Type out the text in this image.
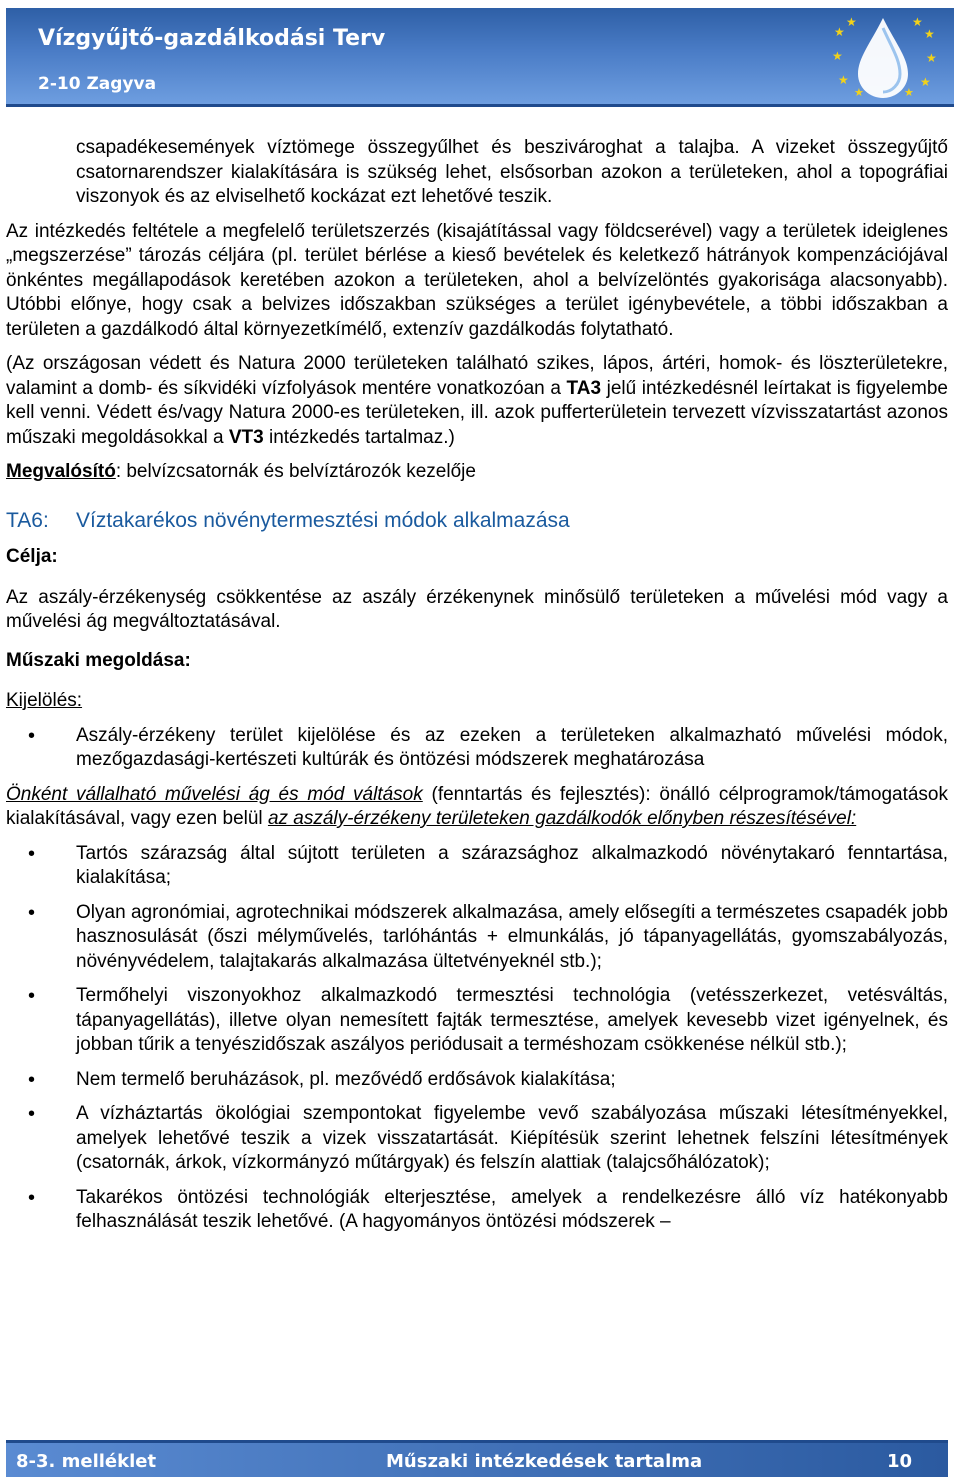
Vízgyűjtő-gazdálkodási Terv
2-10 Zagyva
★
★	★
★
★	★
★	★
★	★

csapadékesemények víztömege összegyűlhet és beszivároghat a talajba. A vizeket összegyűjtő csatornarendszer kialakítására is szükség lehet, elsősorban azokon a területeken, ahol a topográfiai viszonyok és az elviselhető kockázat ezt lehetővé teszik.

Az intézkedés feltétele a megfelelő területszerzés (kisajátítással vagy földcserével) vagy a területek ideiglenes „megszerzése” tározás céljára (pl. terület bérlése a kieső bevételek és keletkező hátrányok kompenzációjával önkéntes megállapodások keretében azokon a területeken, ahol a belvízelöntés gyakorisága alacsonyabb). Utóbbi előnye, hogy csak a belvizes időszakban szükséges a terület igénybevétele, a többi időszakban a területen a gazdálkodó által környezetkímélő, extenzív gazdálkodás folytatható.

(Az országosan védett és Natura 2000 területeken található szikes, lápos, ártéri, homok- és löszterületekre, valamint a domb- és síkvidéki vízfolyások mentére vonatkozóan a TA3 jelű intézkedésnél leírtakat is figyelembe kell venni. Védett és/vagy Natura 2000-es területeken, ill. azok pufferterületein tervezett vízvisszatartást azonos műszaki megoldásokkal a VT3 intézkedés tartalmaz.)

Megvalósító: belvízcsatornák és belvíztározók kezelője

TA6: Víztakarékos növénytermesztési módok alkalmazása
Célja:

Az aszály-érzékenység csökkentése az aszály érzékenynek minősülő területeken a művelési mód vagy a művelési ág megváltoztatásával.

Műszaki megoldása:
Kijelölés:
• Aszály-érzékeny terület kijelölése és az ezeken a területeken alkalmazható művelési módok, mezőgazdasági-kertészeti kultúrák és öntözési módszerek meghatározása

Önként vállalható művelési ág és mód váltások (fenntartás és fejlesztés): önálló célprogramok/támogatások kialakításával, vagy ezen belül az aszály-érzékeny területeken gazdálkodók előnyben részesítésével:

• Tartós szárazság által sújtott területen a szárazsághoz alkalmazkodó növénytakaró fenntartása, kialakítása;
• Olyan agronómiai, agrotechnikai módszerek alkalmazása, amely elősegíti a természetes csapadék jobb hasznosulását (őszi mélyművelés, tarlóhántás + elmunkálás, jó tápanyagellátás, gyomszabályozás, növényvédelem, talajtakarás alkalmazása ültetvényeknél stb.);
• Termőhelyi viszonyokhoz alkalmazkodó termesztési technológia (vetésszerkezet, vetésváltás, tápanyagellátás), illetve olyan nemesített fajták termesztése, amelyek kevesebb vizet igényelnek, és jobban tűrik a tenyészidőszak aszályos periódusait a terméshozam csökkenése nélkül stb.);
• Nem termelő beruházások, pl. mezővédő erdősávok kialakítása;
• A vízháztartás ökológiai szempontokat figyelembe vevő szabályozása műszaki létesítményekkel, amelyek lehetővé teszik a vizek visszatartását. Kiépítésük szerint lehetnek felszíni létesítmények (csatornák, árkok, vízkormányzó műtárgyak) és felszín alattiak (talajcsőhálózatok);
• Takarékos öntözési technológiák elterjesztése, amelyek a rendelkezésre álló víz hatékonyabb felhasználását teszik lehetővé. (A hagyományos öntözési módszerek –
8-3. melléklet	Műszaki intézkedések tartalma	10
